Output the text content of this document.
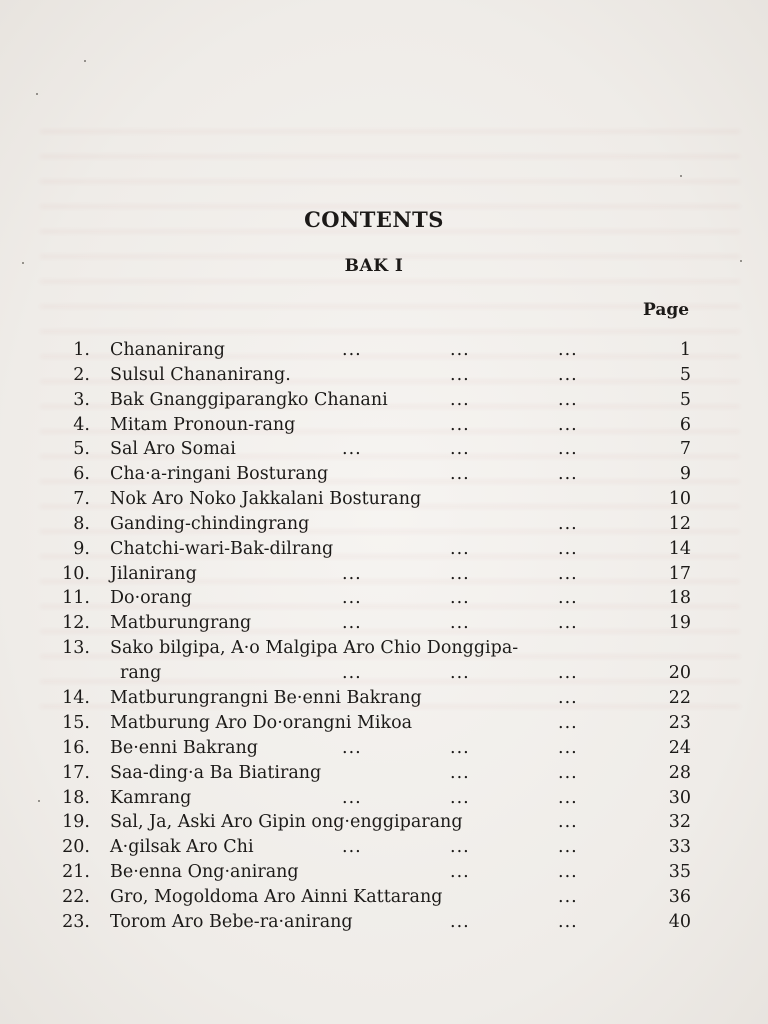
CONTENTS
BAK I
Page
1. Chananirang	...	...	...	1
2. Sulsul Chananirang.	...	...	5
3. Bak Gnanggiparangko Chanani	...	...	5
4. Mitam Pronoun-rang	...	...	6
5. Sal Aro Somai	...	...	...	7
6. Cha·a-ringani Bosturang	...	...	9
7. Nok Aro Noko Jakkalani Bosturang	10
8. Ganding-chindingrang	...	12
9. Chatchi-wari-Bak-dilrang	...	...	14
10. Jilanirang	...	...	...	17
11. Do·orang	...	...	...	18
12. Matburungrang	...	...	...	19
13. Sako bilgipa, A·o Malgipa Aro Chio Donggipa-
rang	...	...	...	20
14. Matburungrangni Be·enni Bakrang	...	22
15. Matburung Aro Do·orangni Mikoa	...	23
16. Be·enni Bakrang	...	...	...	24
17. Saa-ding·a Ba Biatirang	...	...	28
18. Kamrang	...	...	...	30
19. Sal, Ja, Aski Aro Gipin ong·enggiparang	...	32
20. A·gilsak Aro Chi	...	...	...	33
21. Be·enna Ong·anirang	...	...	35
22. Gro, Mogoldoma Aro Ainni Kattarang	...	36
23. Torom Aro Bebe-ra·anirang	...	...	40
